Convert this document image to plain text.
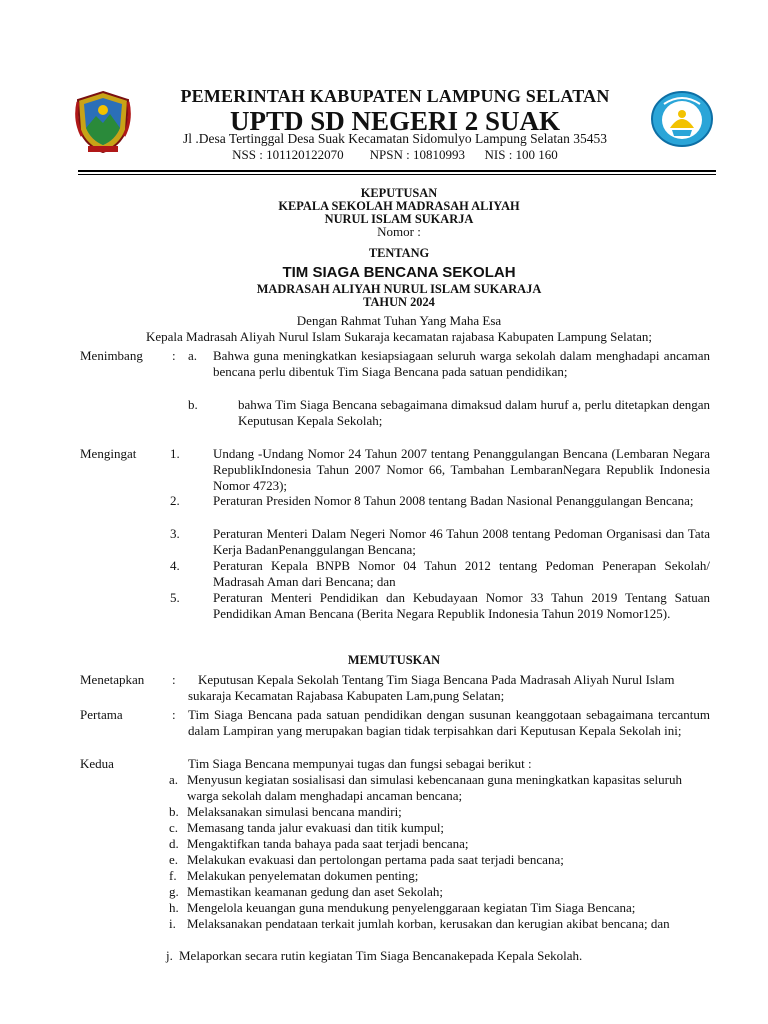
PEMERINTAH KABUPATEN LAMPUNG SELATAN
UPTD SD NEGERI 2 SUAK
Jl .Desa Tertinggal Desa Suak Kecamatan Sidomulyo Lampung Selatan 35453
NSS : 101120122070        NPSN : 10810993      NIS : 100 160
KEPUTUSAN
KEPALA SEKOLAH MADRASAH ALIYAH
NURUL ISLAM SUKARJA
Nomor :
TENTANG
TIM SIAGA BENCANA SEKOLAH
MADRASAH ALIYAH NURUL ISLAM SUKARAJA
TAHUN 2024
Dengan Rahmat Tuhan Yang Maha Esa
Kepala Madrasah Aliyah Nurul Islam Sukaraja kecamatan rajabasa Kabupaten Lampung Selatan;
Menimbang : a. Bahwa guna meningkatkan kesiapsiagaan seluruh warga sekolah dalam menghadapi ancaman bencana perlu dibentuk Tim Siaga Bencana pada satuan pendidikan;
b.	bahwa Tim Siaga Bencana sebagaimana dimaksud dalam huruf a, perlu ditetapkan dengan Keputusan Kepala Sekolah;
Mengingat	1.	Undang -Undang Nomor 24 Tahun 2007 tentang Penanggulangan Bencana (Lembaran Negara RepublikIndonesia Tahun 2007 Nomor 66, Tambahan LembaranNegara Republik Indonesia Nomor 4723);
2.	Peraturan Presiden Nomor 8 Tahun 2008 tentang Badan Nasional Penanggulangan Bencana;
3.	Peraturan Menteri Dalam Negeri Nomor 46 Tahun 2008 tentang Pedoman Organisasi dan Tata Kerja BadanPenanggulangan Bencana;
4.	Peraturan Kepala BNPB Nomor 04 Tahun 2012 tentang Pedoman Penerapan Sekolah/ Madrasah Aman dari Bencana; dan
5.	Peraturan Menteri Pendidikan dan Kebudayaan Nomor 33 Tahun 2019 Tentang Satuan Pendidikan Aman Bencana (Berita Negara Republik Indonesia Tahun 2019 Nomor125).
MEMUTUSKAN
Menetapkan :	Keputusan Kepala Sekolah Tentang Tim Siaga Bencana Pada Madrasah Aliyah Nurul Islam sukaraja Kecamatan Rajabasa Kabupaten Lam,pung Selatan;
Pertama	: Tim Siaga Bencana pada satuan pendidikan dengan susunan keanggotaan sebagaimana tercantum dalam Lampiran yang merupakan bagian tidak terpisahkan dari Keputusan Kepala Sekolah ini;
Kedua	Tim Siaga Bencana mempunyai tugas dan fungsi sebagai berikut :
a. Menyusun kegiatan sosialisasi dan simulasi kebencanaan guna meningkatkan kapasitas seluruh warga sekolah dalam menghadapi ancaman bencana;
b. Melaksanakan simulasi bencana mandiri;
c. Memasang tanda jalur evakuasi dan titik kumpul;
d. Mengaktifkan tanda bahaya pada saat terjadi bencana;
e. Melakukan evakuasi dan pertolongan pertama pada saat terjadi bencana;
f. Melakukan penyelematan dokumen penting;
g. Memastikan keamanan gedung dan aset Sekolah;
h. Mengelola keuangan guna mendukung penyelenggaraan kegiatan Tim Siaga Bencana;
i. Melaksanakan pendataan terkait jumlah korban, kerusakan dan kerugian akibat bencana; dan
j. Melaporkan secara rutin kegiatan Tim Siaga Bencanakepada Kepala Sekolah.
